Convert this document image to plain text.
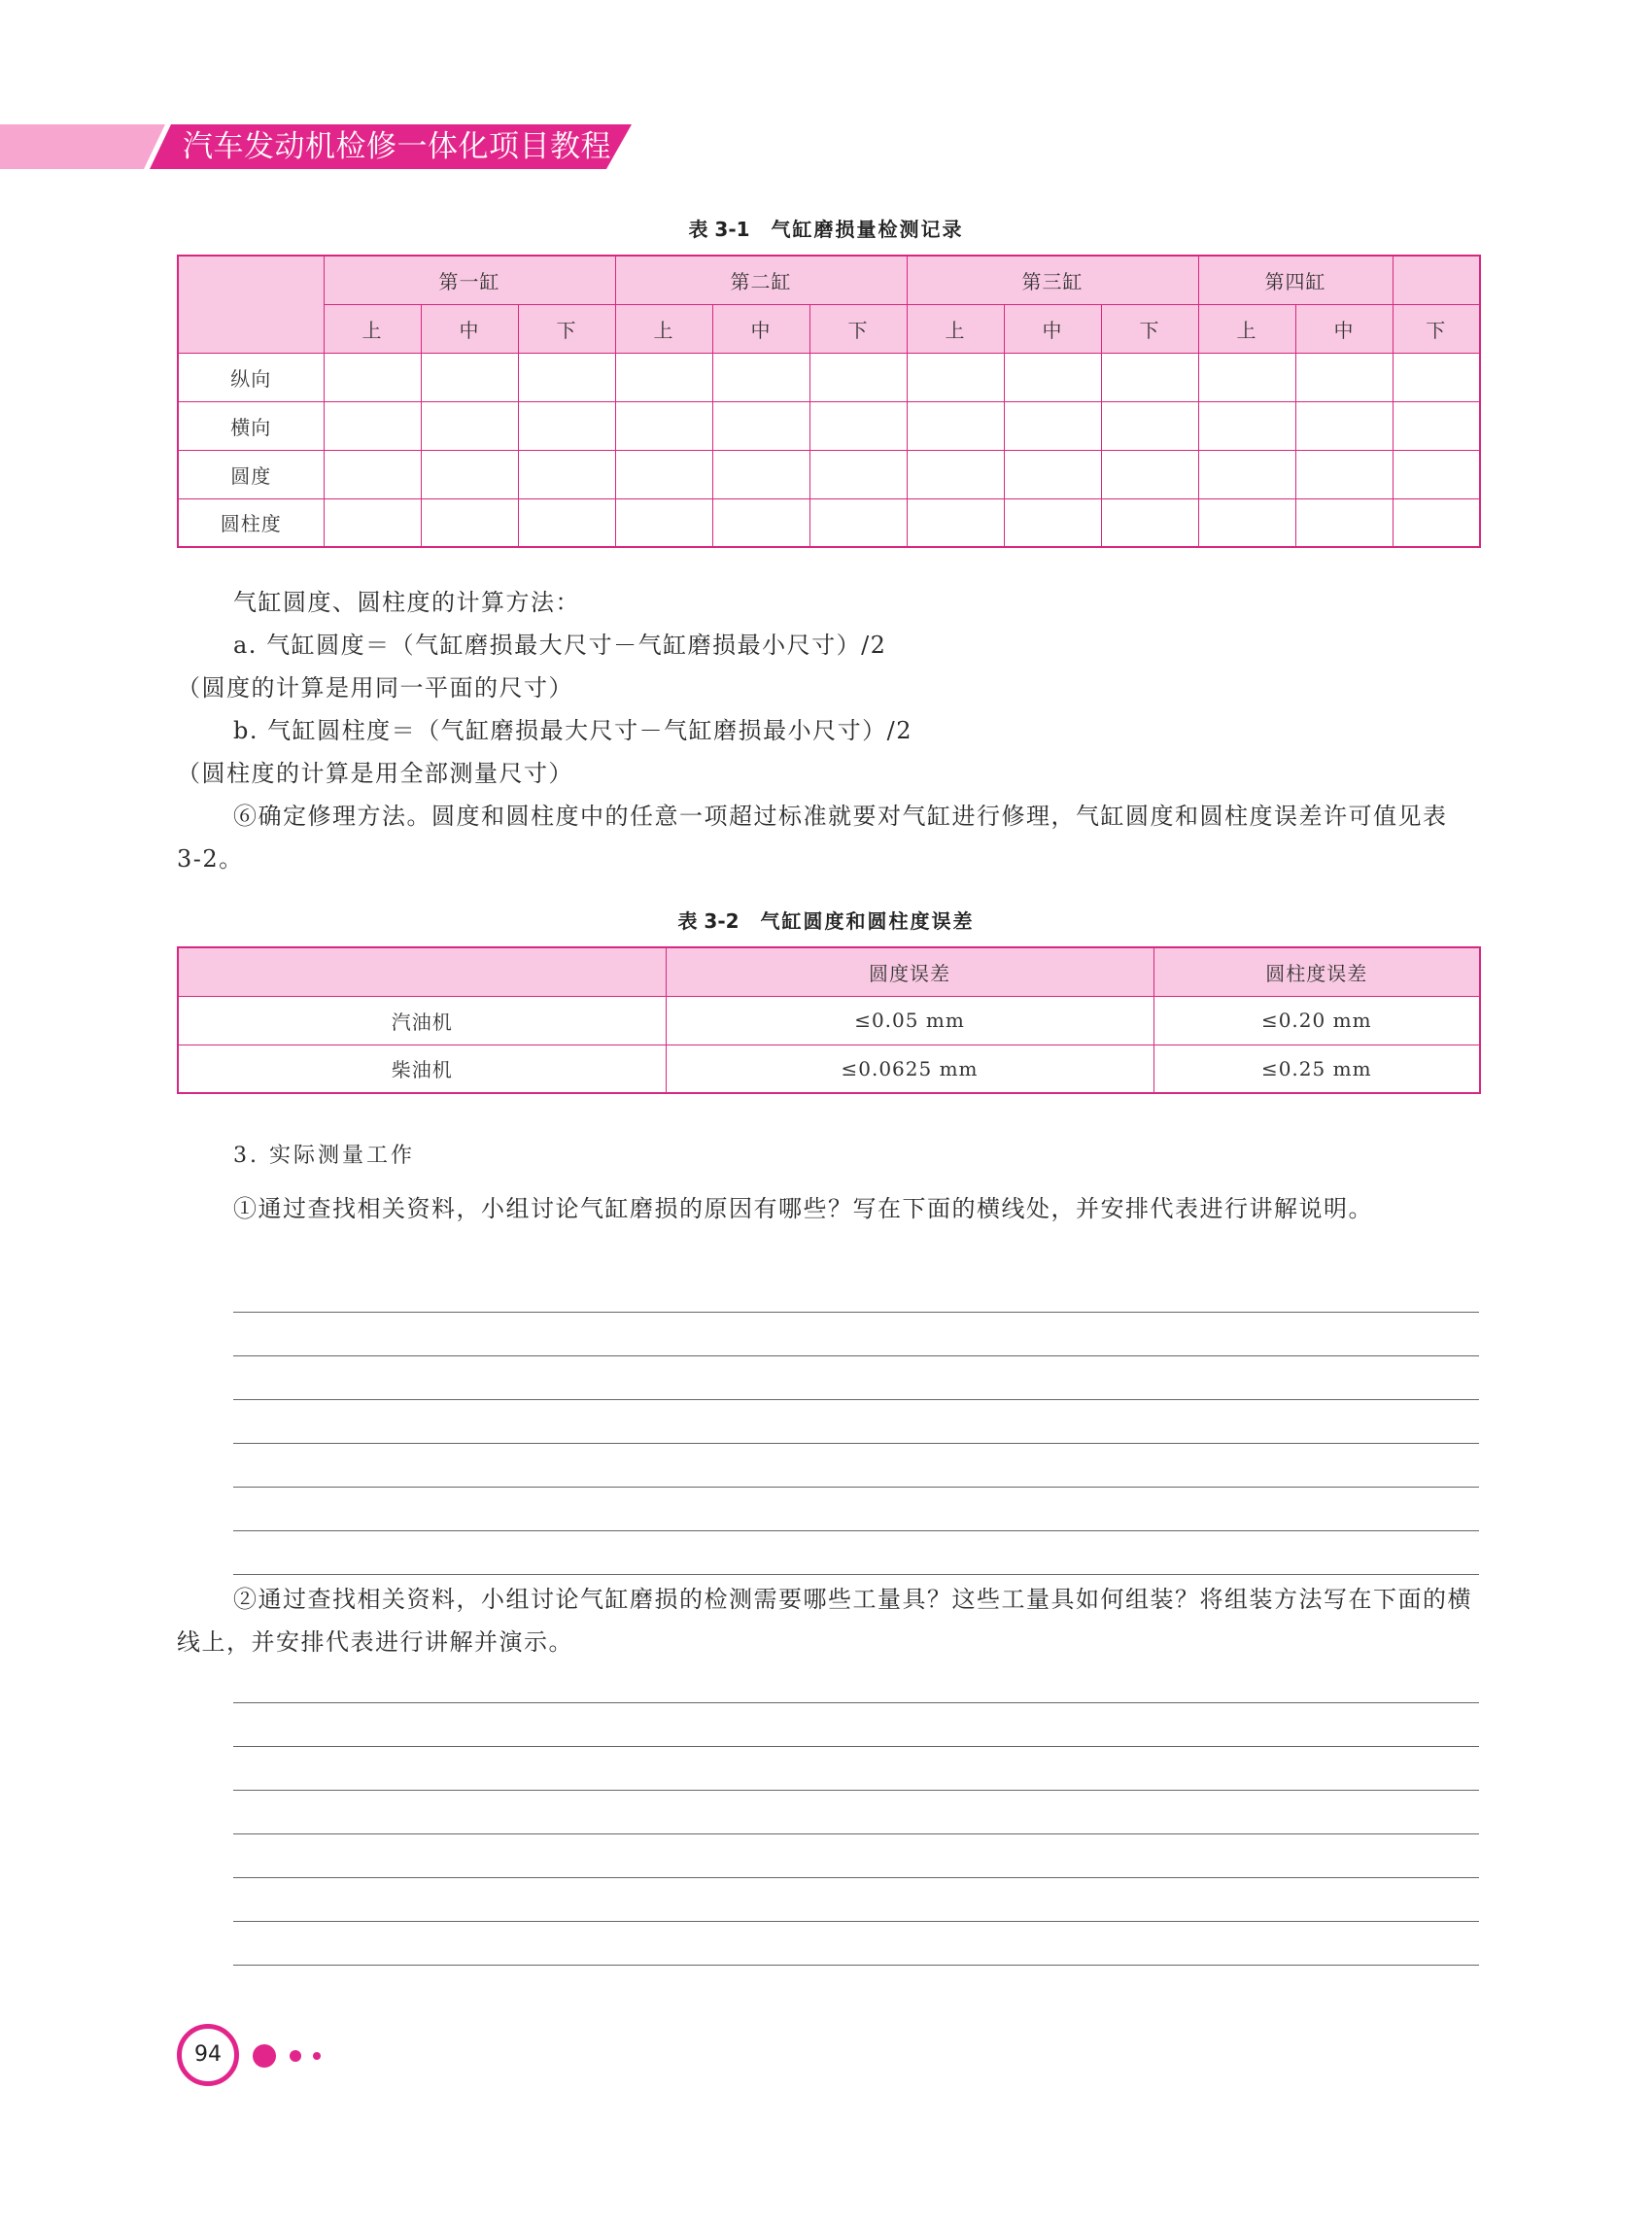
汽车发动机检修一体化项目教程
表 3-1 气缸磨损量检测记录
	第一缸			第二缸			第三缸			第四缸		
	上	中	下	上	中	下	上	中	下	上	中	下
纵向												
横向												
圆度												
圆柱度												
气缸圆度、圆柱度的计算方法：
a. 气缸圆度＝（气缸磨损最大尺寸－气缸磨损最小尺寸）/2
（圆度的计算是用同一平面的尺寸）
b. 气缸圆柱度＝（气缸磨损最大尺寸－气缸磨损最小尺寸）/2
（圆柱度的计算是用全部测量尺寸）
⑥确定修理方法。圆度和圆柱度中的任意一项超过标准就要对气缸进行修理，气缸圆度和圆柱度误差许可值见表 3-2。
表 3-2 气缸圆度和圆柱度误差
	圆度误差	圆柱度误差
汽油机	≤0.05 mm	≤0.20 mm
柴油机	≤0.0625 mm	≤0.25 mm
3. 实际测量工作
①通过查找相关资料，小组讨论气缸磨损的原因有哪些？写在下面的横线处，并安排代表进行讲解说明。
②通过查找相关资料，小组讨论气缸磨损的检测需要哪些工量具？这些工量具如何组装？将组装方法写在下面的横线上，并安排代表进行讲解并演示。
94
